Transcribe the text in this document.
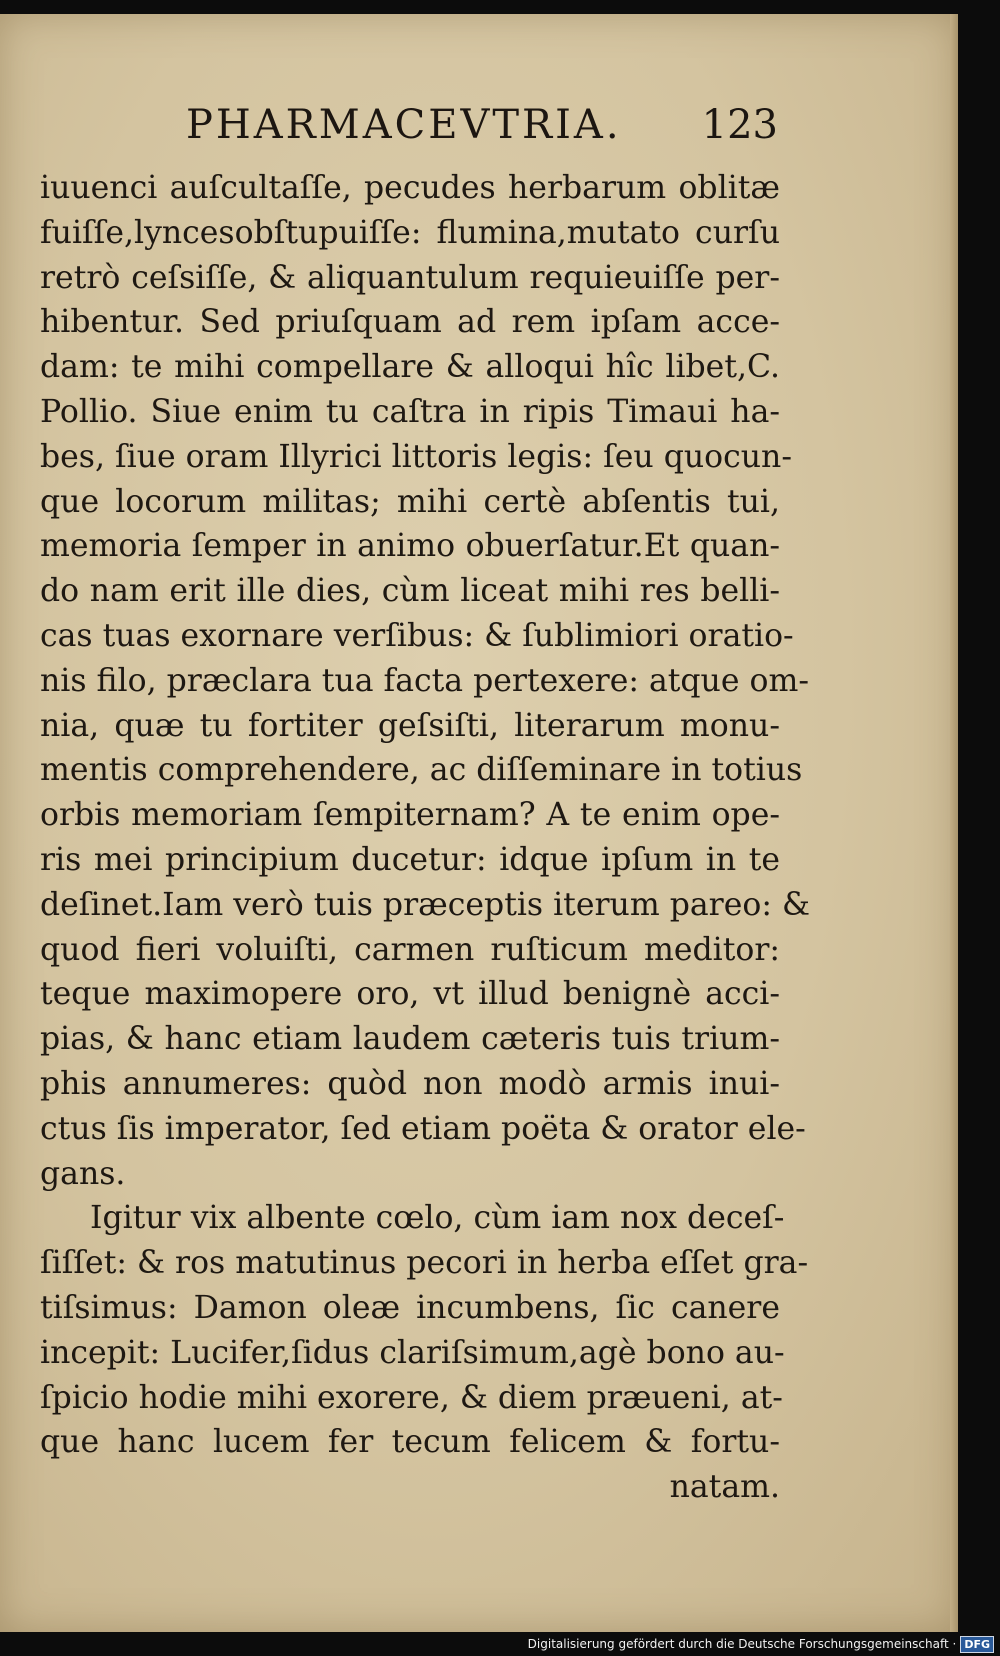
PHARMACEVTRIA. 123
iuuenci auſcultaſſe, pecudes herbarum oblitæ
fuiſſe,lyncesobſtupuiſſe: flumina,mutato curſu
retrò ceſsiſſe, & aliquantulum requieuiſſe per-
hibentur. Sed priuſquam ad rem ipſam acce-
dam: te mihi compellare & alloqui hîc libet,C.
Pollio. Siue enim tu caſtra in ripis Timaui ha-
bes, ſiue oram Illyrici littoris legis: ſeu quocun-
que locorum militas; mihi certè abſentis tui,
memoria ſemper in animo obuerſatur.Et quan-
do nam erit ille dies, cùm liceat mihi res belli-
cas tuas exornare verſibus: & ſublimiori oratio-
nis filo, præclara tua facta pertexere: atque om-
nia, quæ tu fortiter geſsiſti, literarum monu-
mentis comprehendere, ac diſſeminare in totius
orbis memoriam ſempiternam? A te enim ope-
ris mei principium ducetur: idque ipſum in te
deſinet.Iam verò tuis præceptis iterum pareo: &
quod fieri voluiſti, carmen ruſticum meditor:
teque maximopere oro, vt illud benignè acci-
pias, & hanc etiam laudem cæteris tuis trium-
phis annumeres: quòd non modò armis inui-
ctus ſis imperator, ſed etiam poëta & orator ele-
gans.
Igitur vix albente cœlo, cùm iam nox deceſ-
ſiſſet: & ros matutinus pecori in herba eſſet gra-
tiſsimus: Damon oleæ incumbens, ſic canere
incepit: Lucifer,ſidus clariſsimum,agè bono au-
ſpicio hodie mihi exorere, & diem præueni, at-
que hanc lucem fer tecum felicem & fortu-
natam.
Digitalisierung gefördert durch die Deutsche Forschungsgemeinschaft · DFG
